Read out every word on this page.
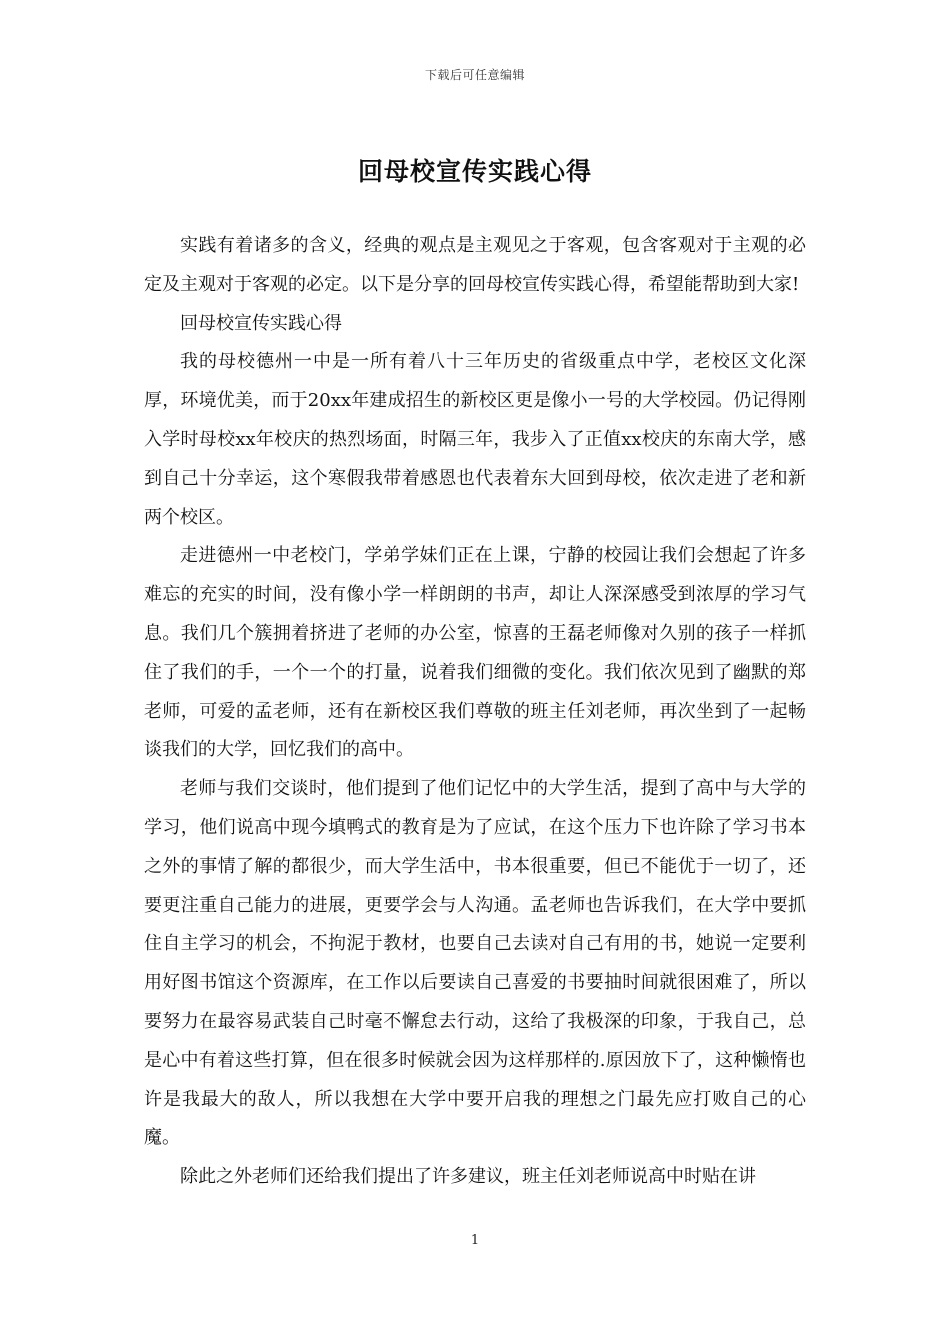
下载后可任意编辑
回母校宣传实践心得

实践有着诸多的含义，经典的观点是主观见之于客观，包含客观对于主观的必定及主观对于客观的必定。以下是分享的回母校宣传实践心得，希望能帮助到大家!

回母校宣传实践心得

我的母校德州一中是一所有着八十三年历史的省级重点中学，老校区文化深厚，环境优美，而于20xx年建成招生的新校区更是像小一号的大学校园。仍记得刚入学时母校xx年校庆的热烈场面，时隔三年，我步入了正值xx校庆的东南大学，感到自己十分幸运，这个寒假我带着感恩也代表着东大回到母校，依次走进了老和新两个校区。

走进德州一中老校门，学弟学妹们正在上课，宁静的校园让我们会想起了许多难忘的充实的时间，没有像小学一样朗朗的书声，却让人深深感受到浓厚的学习气息。我们几个簇拥着挤进了老师的办公室，惊喜的王磊老师像对久别的孩子一样抓住了我们的手，一个一个的打量，说着我们细微的变化。我们依次见到了幽默的郑老师，可爱的孟老师，还有在新校区我们尊敬的班主任刘老师，再次坐到了一起畅谈我们的大学，回忆我们的高中。

老师与我们交谈时，他们提到了他们记忆中的大学生活，提到了高中与大学的学习，他们说高中现今填鸭式的教育是为了应试，在这个压力下也许除了学习书本之外的事情了解的都很少，而大学生活中，书本很重要，但已不能优于一切了，还要更注重自己能力的进展，更要学会与人沟通。孟老师也告诉我们，在大学中要抓住自主学习的机会，不拘泥于教材，也要自己去读对自己有用的书，她说一定要利用好图书馆这个资源库，在工作以后要读自己喜爱的书要抽时间就很困难了，所以要努力在最容易武装自己时毫不懈怠去行动，这给了我极深的印象，于我自己，总是心中有着这些打算，但在很多时候就会因为这样那样的.原因放下了，这种懒惰也许是我最大的敌人，所以我想在大学中要开启我的理想之门最先应打败自己的心魔。

除此之外老师们还给我们提出了许多建议，班主任刘老师说高中时贴在讲

1
